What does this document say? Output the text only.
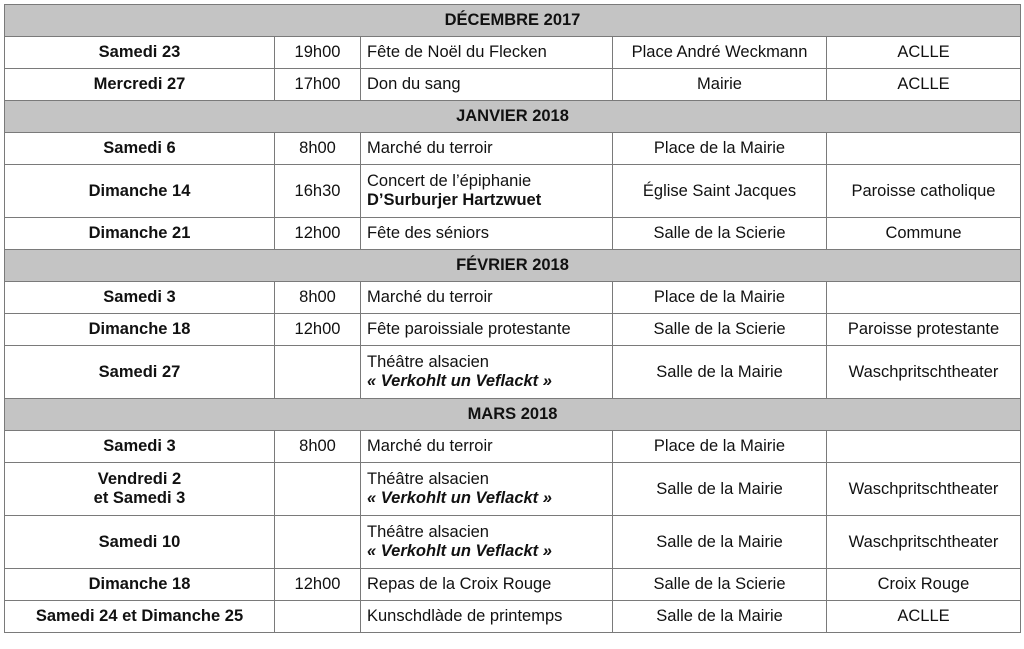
DÉCEMBRE 2017				

Samedi 23	19h00	Fête de Noël du Flecken	Place André Weckmann	ACLLE

Mercredi 27	17h00	Don du sang	Mairie	ACLLE
JANVIER 2018				

Samedi 6	8h00	Marché du terroir	Place de la Mairie	

Dimanche 14	16h30	Concert de l’épiphanie
D’Surburjer Hartzwuet	Église Saint Jacques	Paroisse catholique

Dimanche 21	12h00	Fête des séniors	Salle de la Scierie	Commune
FÉVRIER 2018				

Samedi 3	8h00	Marché du terroir	Place de la Mairie	

Dimanche 18	12h00	Fête paroissiale protestante	Salle de la Scierie	Paroisse protestante

Samedi 27		Théâtre alsacien
« Verkohlt un Veflackt »	Salle de la Mairie	Waschpritschtheater
MARS 2018				

Samedi 3	8h00	Marché du terroir	Place de la Mairie	

Vendredi 2
et Samedi 3		Théâtre alsacien
« Verkohlt un Veflackt »	Salle de la Mairie	Waschpritschtheater

Samedi 10		Théâtre alsacien
« Verkohlt un Veflackt »	Salle de la Mairie	Waschpritschtheater

Dimanche 18	12h00	Repas de la Croix Rouge	Salle de la Scierie	Croix Rouge

Samedi 24 et Dimanche 25		Kunschdlàde de printemps	Salle de la Mairie	ACLLE
